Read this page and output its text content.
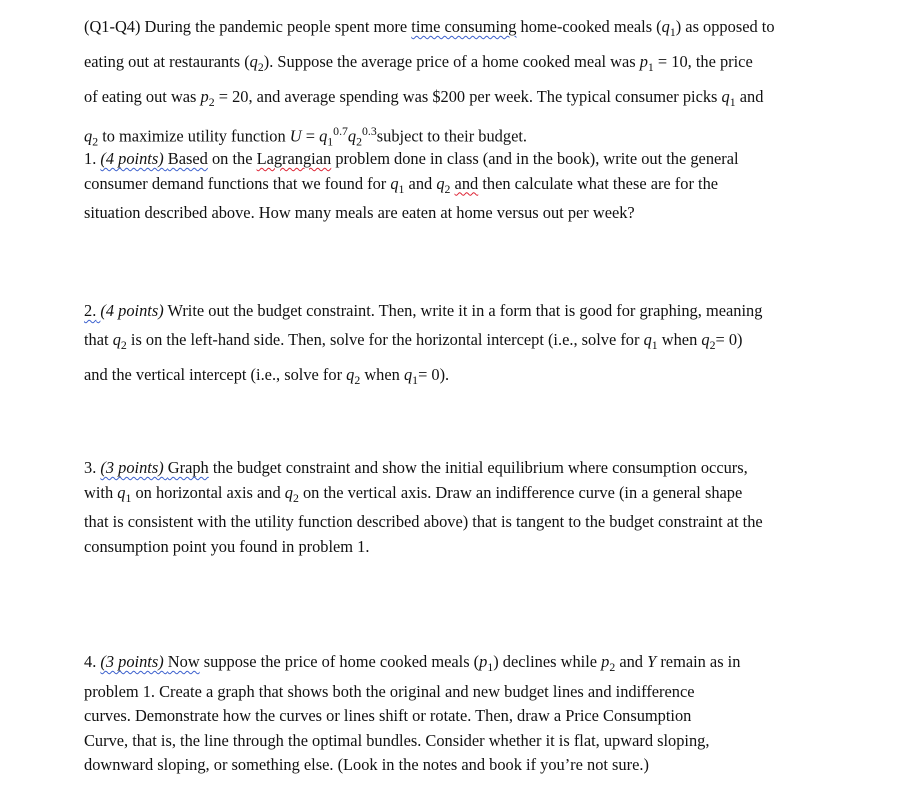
(Q1-Q4) During the pandemic people spent more time consuming home-cooked meals $(q_1)$ as opposed to
eating out at restaurants $(q_2)$. Suppose the average price of a home cooked meal was $p_1 = 10$, the price
of eating out was $p_2 = 20$, and average spending was $200 per week. The typical consumer picks $q_1$ and
$q_2$ to maximize utility function $U = q_1^{0.7}q_2^{0.3}subject$ to their budget.
1. (4 points) Based on the Lagrangian problem done in class (and in the book), write out the general
consumer demand functions that we found for $q_1$ and $q_2$ and then calculate what these are for the
situation described above. How many meals are eaten at home versus out per week?
2. (4 points) Write out the budget constraint. Then, write it in a form that is good for graphing, meaning
that $q_2$ is on the left-hand side. Then, solve for the horizontal intercept (i.e., solve for $q_1$ when $q_2= 0$)
and the vertical intercept (i.e., solve for $q_2$ when $q_1= 0$).
3. (3 points) Graph the budget constraint and show the initial equilibrium where consumption occurs,
with $q_1$ on horizontal axis and $q_2$ on the vertical axis. Draw an indifference curve (in a general shape
that is consistent with the utility function described above) that is tangent to the budget constraint at the
consumption point you found in problem 1.
4. (3 points) Now suppose the price of home cooked meals $(p_1)$ declines while $p_2$ and Y remain as in
problem 1. Create a graph that shows both the original and new budget lines and indifference
curves. Demonstrate how the curves or lines shift or rotate. Then, draw a Price Consumption
Curve, that is, the line through the optimal bundles. Consider whether it is flat, upward sloping,
downward sloping, or something else. (Look in the notes and book if you’re not sure.)
